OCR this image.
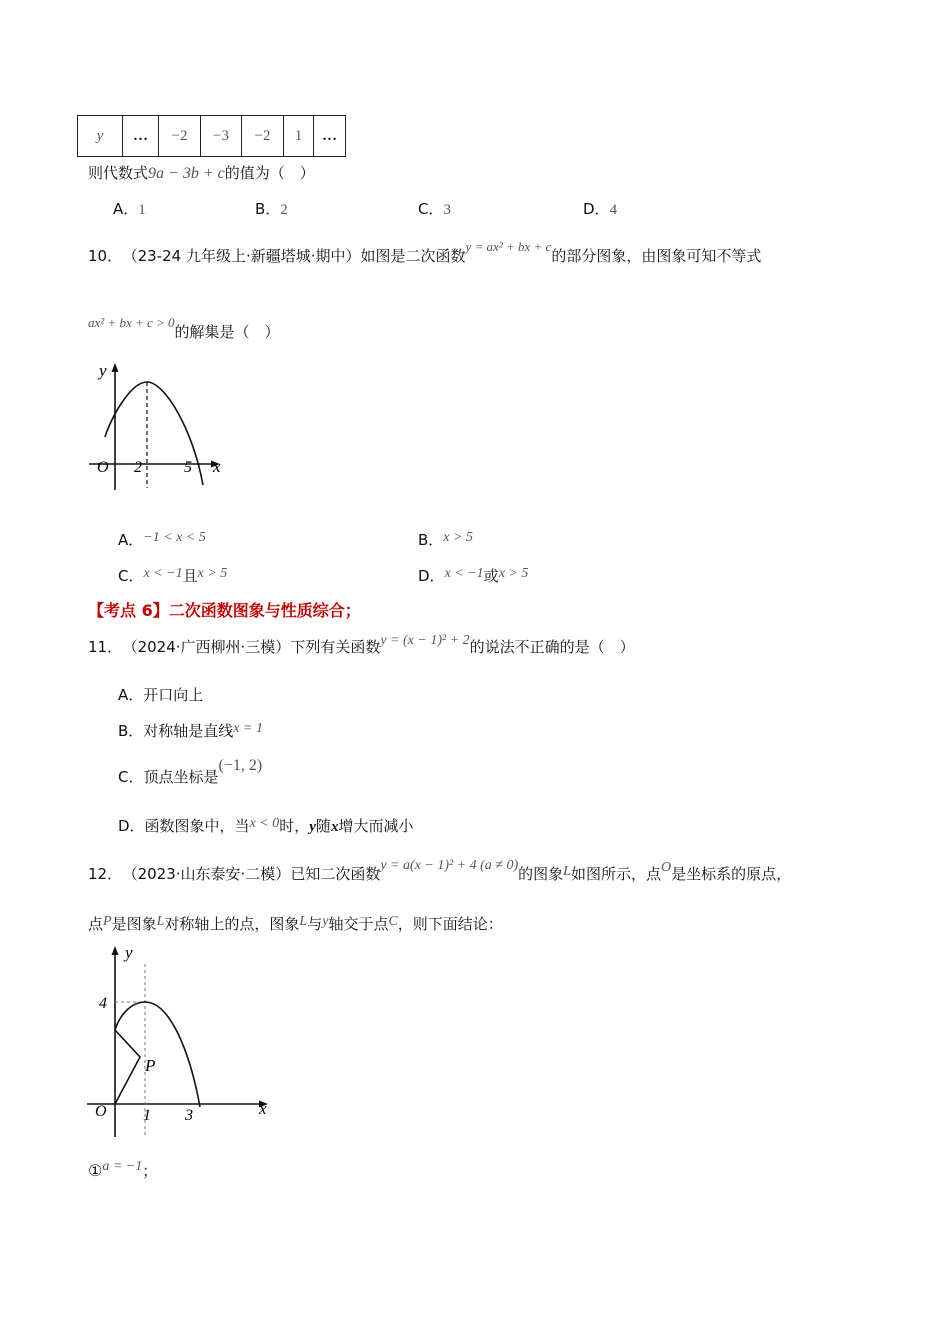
y	…	−2	−3	−2	1	…
则代数式9a − 3b + c的值为（　）
A．1	B．2	C．3	D．4
10． （23-24 九年级上·新疆塔城·期中）如图是二次函数y = ax² + bx + c的部分图象，由图象可知不等式
ax² + bx + c > 0的解集是（　）
y
x
O 2	5
A．−1 < x < 5	B．x > 5
C．x < −1且x > 5	D．x < −1或x > 5
【考点 6】二次函数图象与性质综合；
11． （2024·广西柳州·三模）下列有关函数y = (x − 1)² + 2的说法不正确的是（　）
A．开口向上
B．对称轴是直线x = 1
C．顶点坐标是(−1, 2)
D．函数图象中，当x < 0时，y随x增大而减小
12． （2023·山东泰安·二模）已知二次函数y = a(x − 1)² + 4 (a ≠ 0)的图象L如图所示，点O是坐标系的原点，
点P是图象L对称轴上的点，图象L与y轴交于点C，则下面结论：
y
x
O
4
1 3
P
①a = −1；
